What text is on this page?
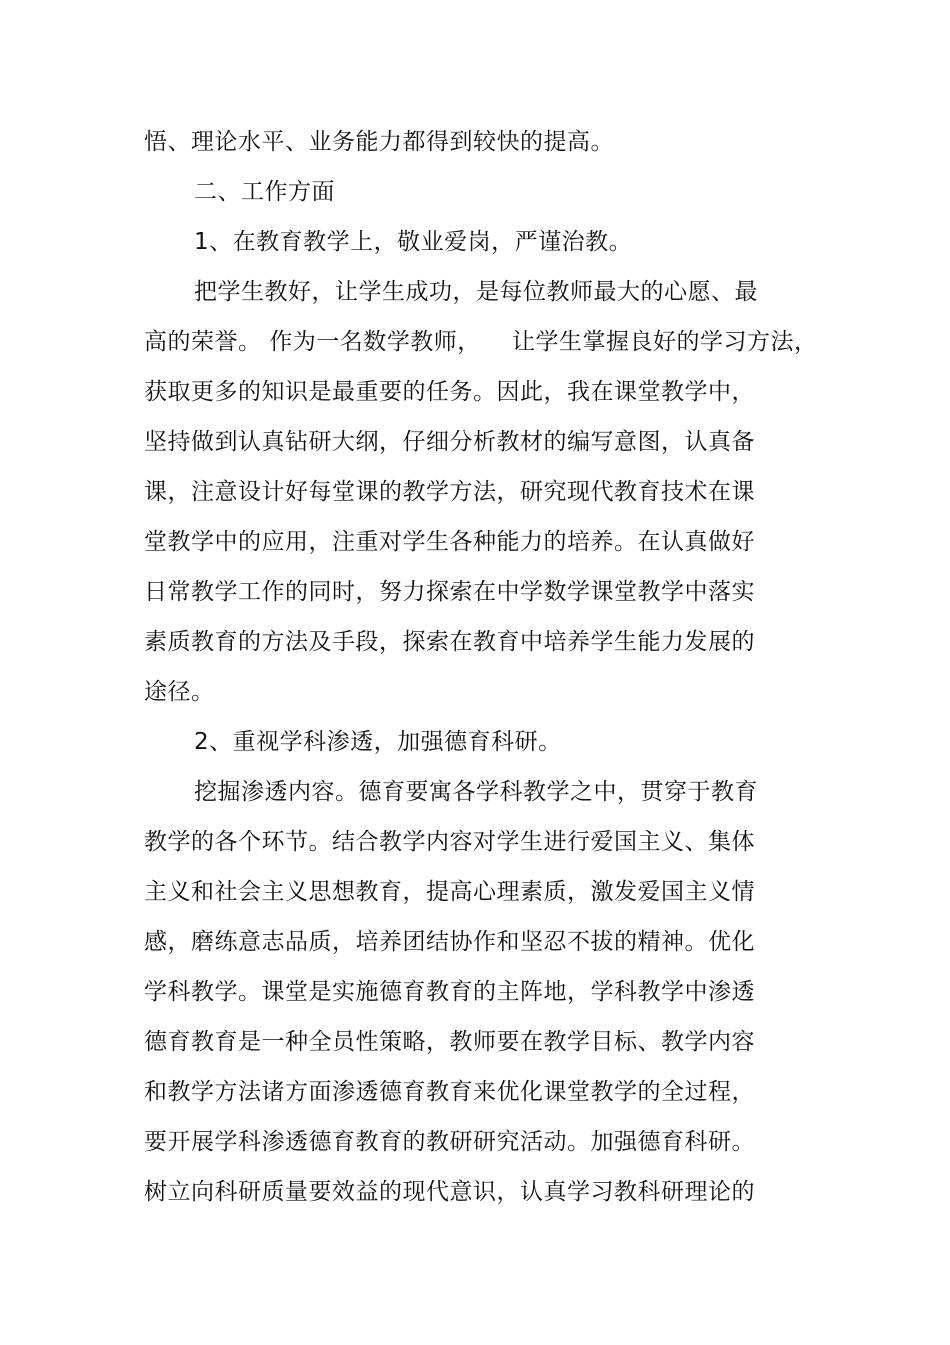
悟、理论水平、业务能力都得到较快的提高。
二、工作方面
1、在教育教学上，敬业爱岗，严谨治教。
把学生教好，让学生成功，是每位教师最大的心愿、最
高的荣誉。 作为一名数学教师，    让学生掌握良好的学习方法，
获取更多的知识是最重要的任务。因此，我在课堂教学中，
坚持做到认真钻研大纲，仔细分析教材的编写意图，认真备
课，注意设计好每堂课的教学方法，研究现代教育技术在课
堂教学中的应用，注重对学生各种能力的培养。在认真做好
日常教学工作的同时，努力探索在中学数学课堂教学中落实
素质教育的方法及手段，探索在教育中培养学生能力发展的
途径。
2、重视学科渗透，加强德育科研。
挖掘渗透内容。德育要寓各学科教学之中，贯穿于教育
教学的各个环节。结合教学内容对学生进行爱国主义、集体
主义和社会主义思想教育，提高心理素质，激发爱国主义情
感，磨练意志品质，培养团结协作和坚忍不拔的精神。优化
学科教学。课堂是实施德育教育的主阵地，学科教学中渗透
德育教育是一种全员性策略，教师要在教学目标、教学内容
和教学方法诸方面渗透德育教育来优化课堂教学的全过程，
要开展学科渗透德育教育的教研研究活动。加强德育科研。
树立向科研质量要效益的现代意识，认真学习教科研理论的
